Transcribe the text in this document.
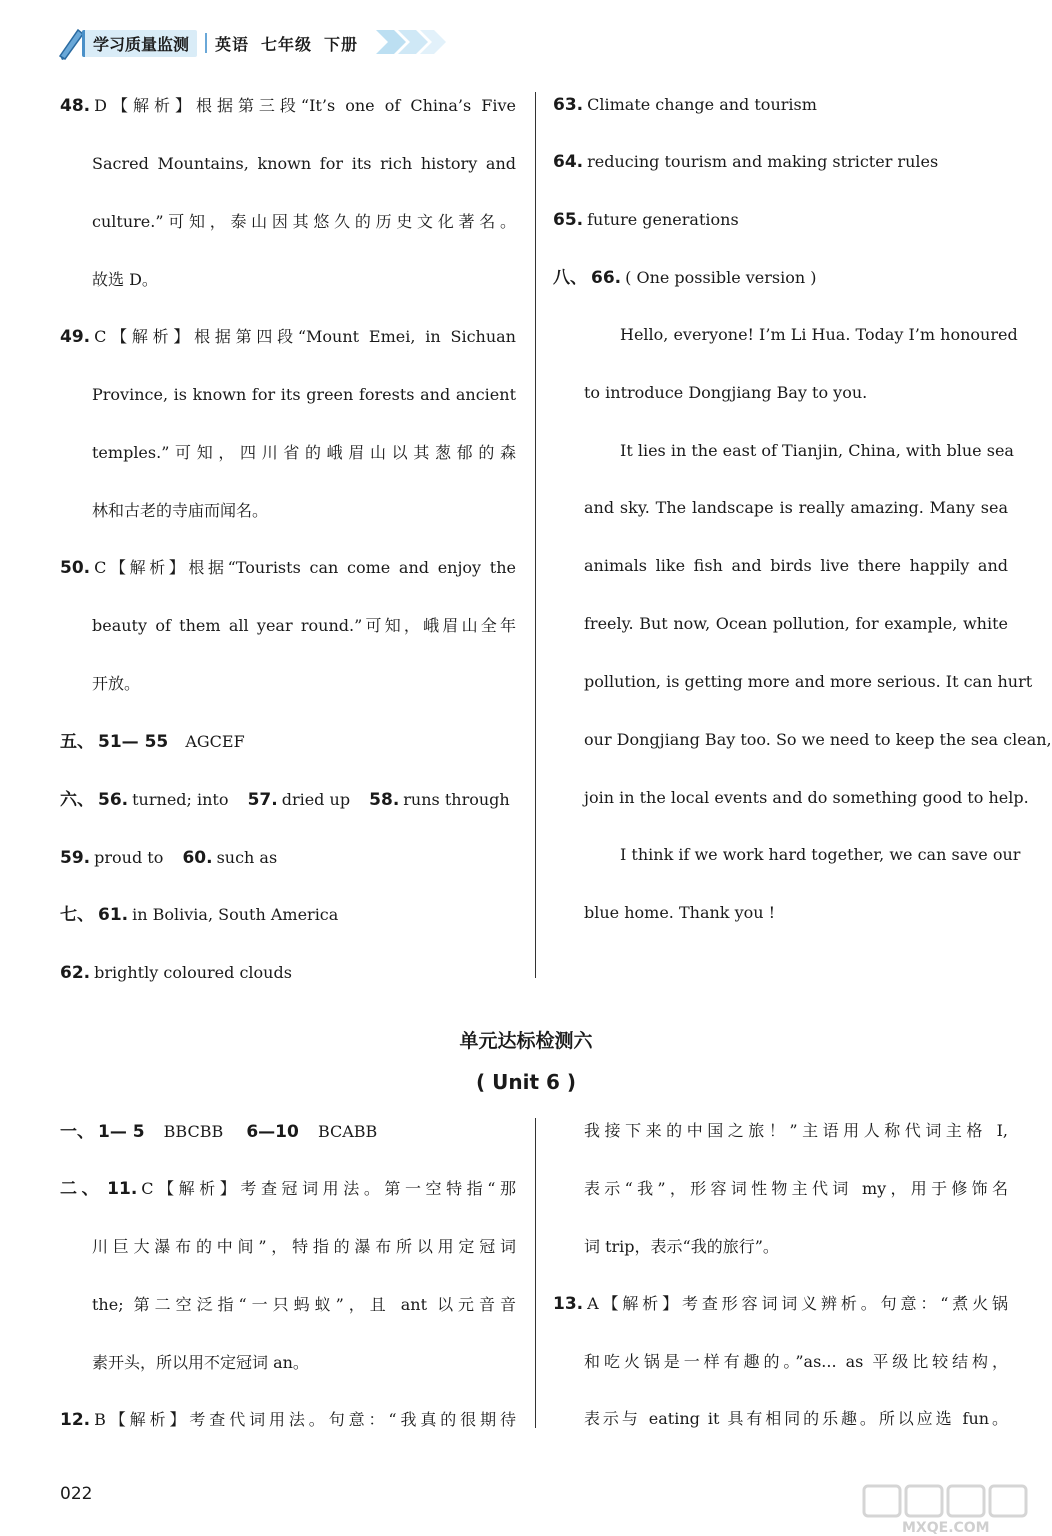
学习质量监测	英语 七年级 下册
48. D【解析】根据第三段“It’s one of China’s Five
Sacred Mountains, known for its rich history and
culture.”可知，泰山因其悠久的历史文化著名。
故选 D。
49. C【解析】根据第四段“Mount Emei, in Sichuan
Province, is known for its green forests and ancient
temples.”可知，四川省的峨眉山以其葱郁的森
林和古老的寺庙而闻名。
50. C【解析】根据“Tourists can come and enjoy the
beauty of them all year round.”可知，峨眉山全年
开放。
五、 51— 55 AGCEF
六、 56. turned; into 57. dried up 58. runs through
59. proud to 60. such as
七、 61. in Bolivia, South America
62. brightly coloured clouds
63. Climate change and tourism
64. reducing tourism and making stricter rules
65. future generations
八、 66. ( One possible version )
Hello, everyone! I’m Li Hua. Today I’m honoured
to introduce Dongjiang Bay to you.
It lies in the east of Tianjin, China, with blue sea
and sky. The landscape is really amazing. Many sea
animals like fish and birds live there happily and
freely. But now, Ocean pollution, for example, white
pollution, is getting more and more serious. It can hurt
our Dongjiang Bay too. So we need to keep the sea clean,
join in the local events and do something good to help.
I think if we work hard together, we can save our
blue home. Thank you !
单元达标检测六
( Unit 6 )
一、 1— 5 BBCBB 6—10 BCABB
二、 11. C【解析】考查冠词用法。第一空特指“那
川巨大瀑布的中间”，特指的瀑布所以用定冠词
the; 第二空泛指“一只蚂蚁”，且 ant 以元音音
素开头，所以用不定冠词 an。
12. B【解析】考查代词用法。句意：“我真的很期待
我接下来的中国之旅！”主语用人称代词主格 I,
表示“我”，形容词性物主代词 my，用于修饰名
词 trip，表示“我的旅行”。
13. A【解析】考查形容词词义辨析。句意：“煮火锅
和吃火锅是一样有趣的。”as... as 平级比较结构，
表示与 eating it 具有相同的乐趣。所以应选 fun。
022
MXQE.COM
